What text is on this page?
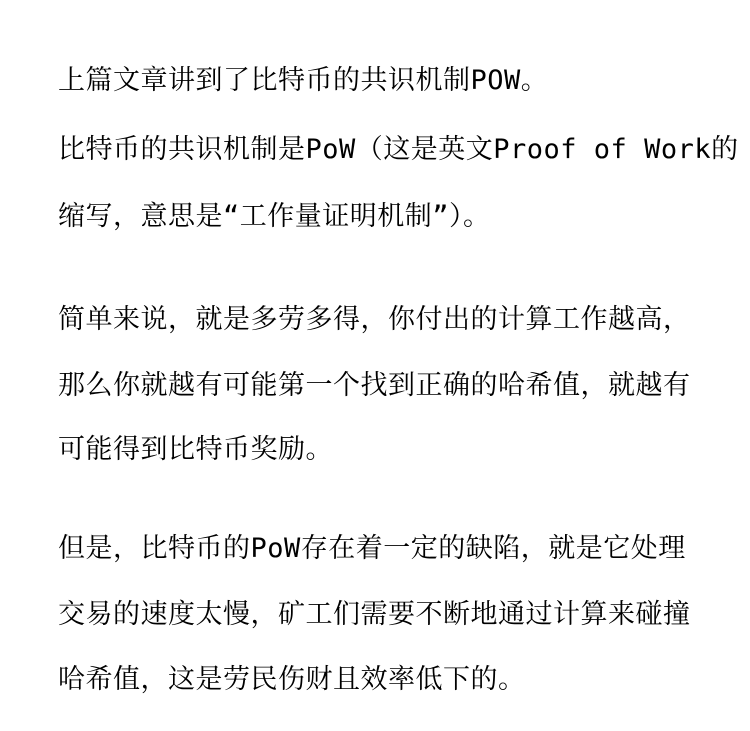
上篇文章讲到了比特币的共识机制POW。

比特币的共识机制是PoW（这是英文Proof of Work的

缩写，意思是“工作量证明机制”）。

简单来说，就是多劳多得，你付出的计算工作越高，

那么你就越有可能第一个找到正确的哈希值，就越有

可能得到比特币奖励。

但是，比特币的PoW存在着一定的缺陷，就是它处理

交易的速度太慢，矿工们需要不断地通过计算来碰撞

哈希值，这是劳民伤财且效率低下的。
